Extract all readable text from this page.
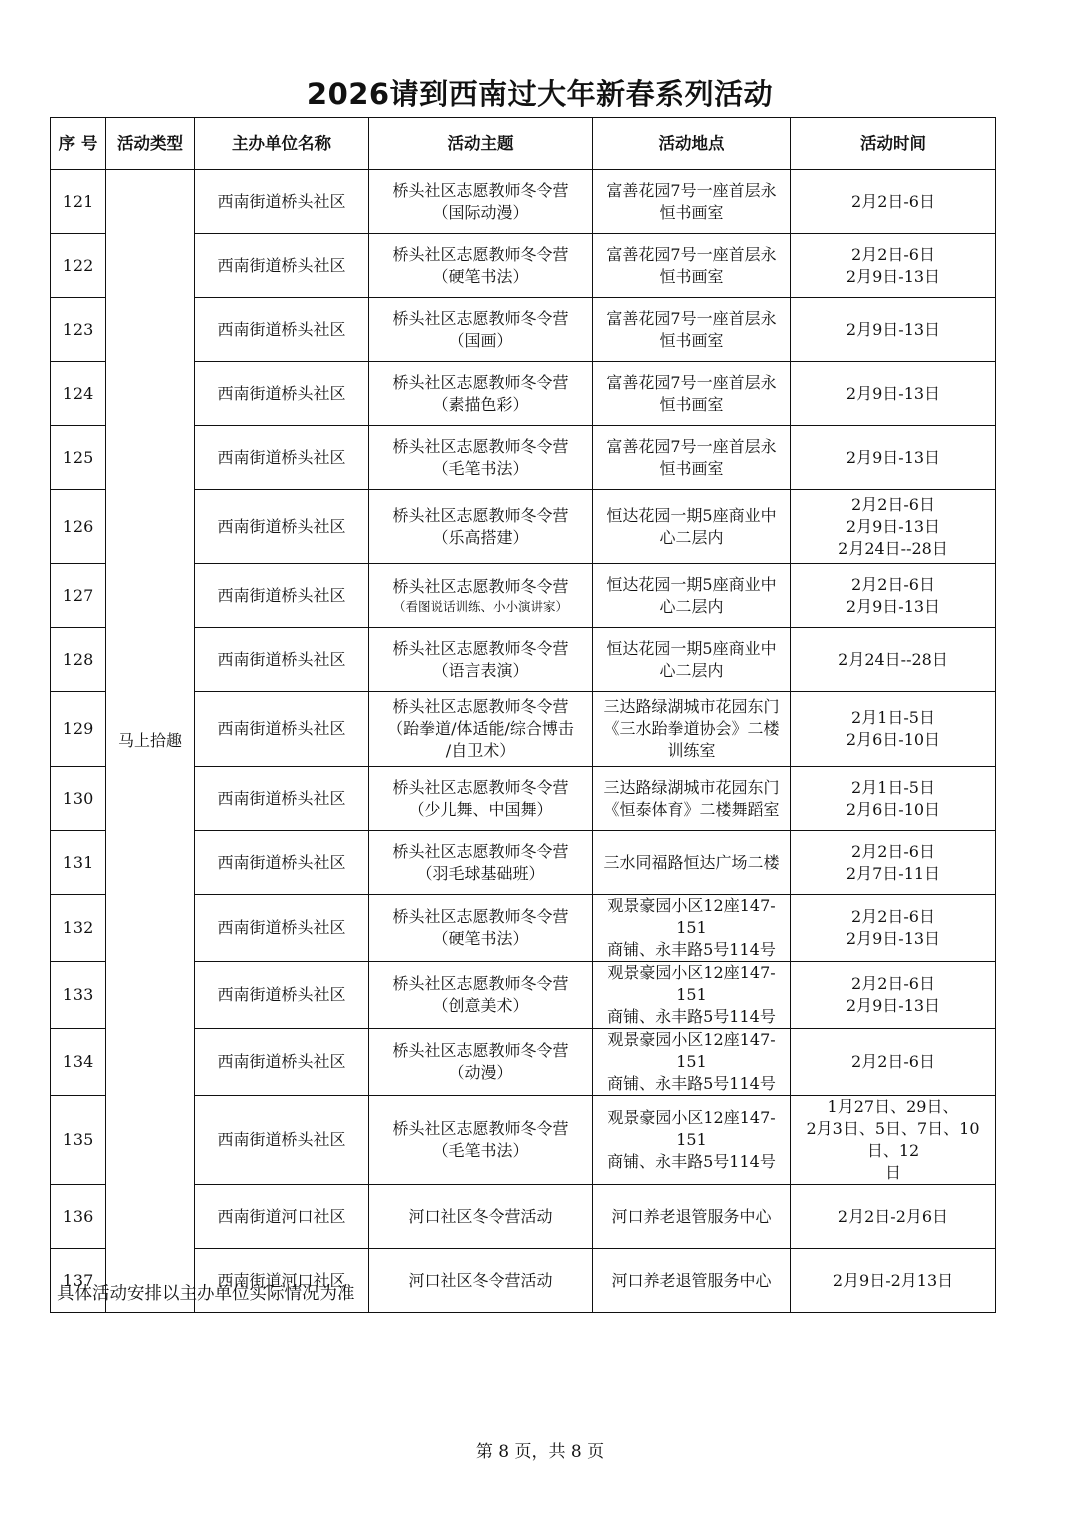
2026请到西南过大年新春系列活动
序 号	活动类型	主办单位名称	活动主题	活动地点	活动时间
121	马上拾趣	西南街道桥头社区	桥头社区志愿教师冬令营
（国际动漫）	富善花园7号一座首层永
恒书画室	2月2日-6日

122		西南街道桥头社区	桥头社区志愿教师冬令营
（硬笔书法）	富善花园7号一座首层永
恒书画室	2月2日-6日
2月9日-13日

123		西南街道桥头社区	桥头社区志愿教师冬令营
（国画）	富善花园7号一座首层永
恒书画室	2月9日-13日

124		西南街道桥头社区	桥头社区志愿教师冬令营
（素描色彩）	富善花园7号一座首层永
恒书画室	2月9日-13日

125		西南街道桥头社区	桥头社区志愿教师冬令营
（毛笔书法）	富善花园7号一座首层永
恒书画室	2月9日-13日

126		西南街道桥头社区	桥头社区志愿教师冬令营
（乐高搭建）	恒达花园一期5座商业中
心二层内	2月2日-6日
2月9日-13日
2月24日--28日

127		西南街道桥头社区	桥头社区志愿教师冬令营
（看图说话训练、小小演讲家）	恒达花园一期5座商业中
心二层内	2月2日-6日
2月9日-13日

128		西南街道桥头社区	桥头社区志愿教师冬令营
（语言表演）	恒达花园一期5座商业中
心二层内	2月24日--28日

129		西南街道桥头社区	桥头社区志愿教师冬令营
（跆拳道/体适能/综合博击
/自卫术）	三达路绿湖城市花园东门
《三水跆拳道协会》二楼
训练室	2月1日-5日
2月6日-10日

130		西南街道桥头社区	桥头社区志愿教师冬令营
（少儿舞、中国舞）	三达路绿湖城市花园东门
《恒泰体育》二楼舞蹈室	2月1日-5日
2月6日-10日

131		西南街道桥头社区	桥头社区志愿教师冬令营
（羽毛球基础班）	三水同福路恒达广场二楼	2月2日-6日
2月7日-11日

132		西南街道桥头社区	桥头社区志愿教师冬令营
（硬笔书法）	观景豪园小区12座147-151
商铺、永丰路5号114号	2月2日-6日
2月9日-13日

133		西南街道桥头社区	桥头社区志愿教师冬令营
（创意美术）	观景豪园小区12座147-151
商铺、永丰路5号114号	2月2日-6日
2月9日-13日

134		西南街道桥头社区	桥头社区志愿教师冬令营
（动漫）	观景豪园小区12座147-151
商铺、永丰路5号114号	2月2日-6日

135		西南街道桥头社区	桥头社区志愿教师冬令营
（毛笔书法）	观景豪园小区12座147-151
商铺、永丰路5号114号	1月27日、29日、
2月3日、5日、7日、10日、12
日

136		西南街道河口社区	河口社区冬令营活动	河口养老退管服务中心	2月2日-2月6日

137		西南街道河口社区	河口社区冬令营活动	河口养老退管服务中心	2月9日-2月13日
具体活动安排以主办单位实际情况为准
第 8 页，共 8 页
